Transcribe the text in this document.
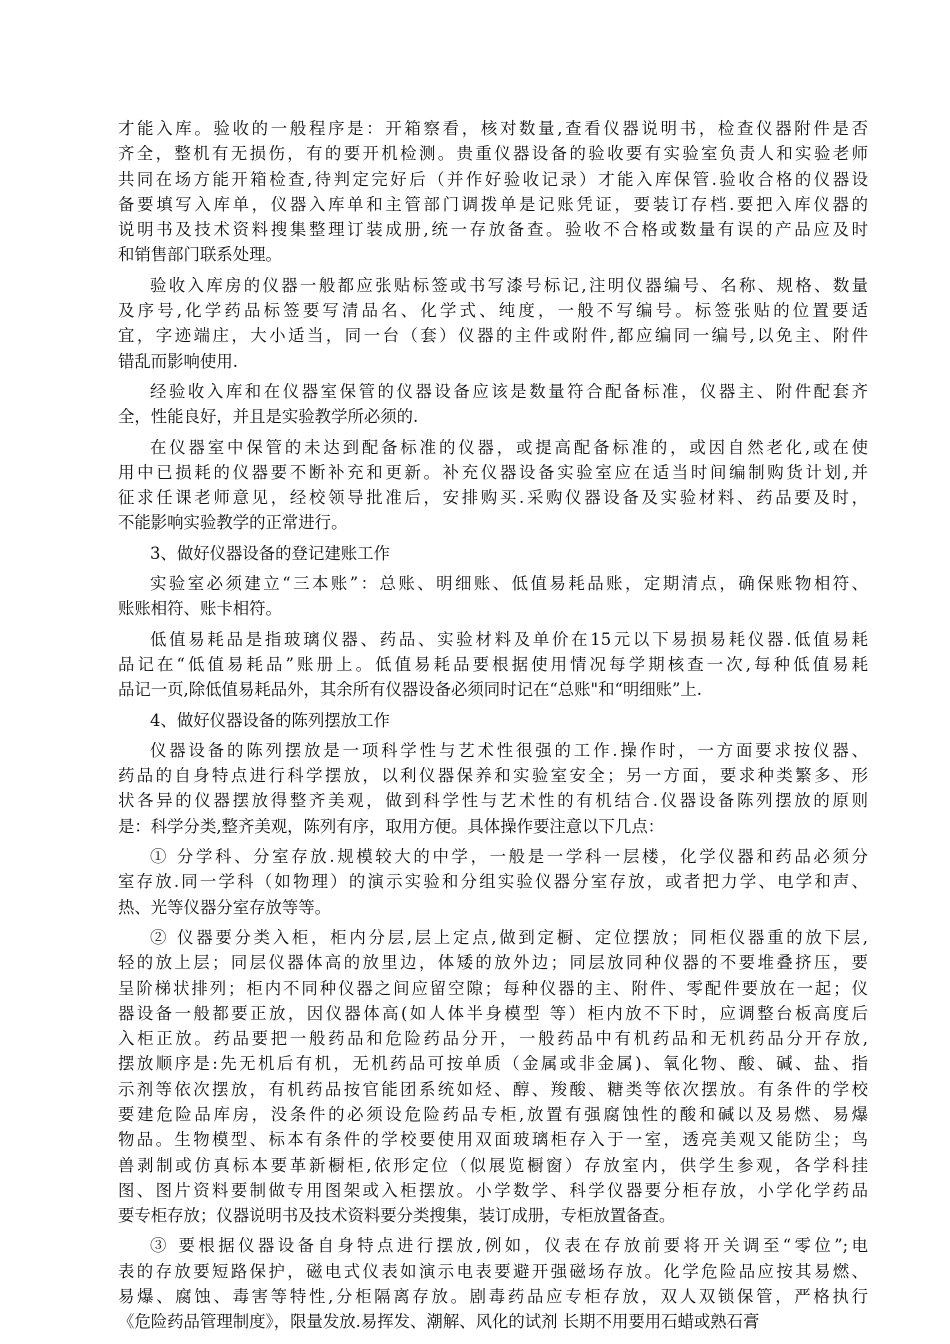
才能入库。验收的一般程序是：开箱察看，核对数量,查看仪器说明书，检查仪器附件是否
齐全，整机有无损伤，有的要开机检测。贵重仪器设备的验收要有实验室负责人和实验老师
共同在场方能开箱检查,待判定完好后（并作好验收记录）才能入库保管.验收合格的仪器设
备要填写入库单，仪器入库单和主管部门调拨单是记账凭证，要装订存档.要把入库仪器的
说明书及技术资料搜集整理订装成册,统一存放备查。验收不合格或数量有误的产品应及时
和销售部门联系处理。
验收入库房的仪器一般都应张贴标签或书写漆号标记,注明仪器编号、名称、规格、数量
及序号,化学药品标签要写清品名、化学式、纯度，一般不写编号。标签张贴的位置要适
宜，字迹端庄，大小适当，同一台（套）仪器的主件或附件,都应编同一编号,以免主、附件
错乱而影响使用.
经验收入库和在仪器室保管的仪器设备应该是数量符合配备标准，仪器主、附件配套齐
全，性能良好，并且是实验教学所必须的.
在仪器室中保管的未达到配备标准的仪器，或提高配备标准的，或因自然老化,或在使
用中已损耗的仪器要不断补充和更新。补充仪器设备实验室应在适当时间编制购货计划,并
征求任课老师意见，经校领导批准后，安排购买.采购仪器设备及实验材料、药品要及时，
不能影响实验教学的正常进行。
3、做好仪器设备的登记建账工作
实验室必须建立“三本账”：总账、明细账、低值易耗品账，定期清点，确保账物相符、
账账相符、账卡相符。
低值易耗品是指玻璃仪器、药品、实验材料及单价在15元以下易损易耗仪器.低值易耗
品记在“低值易耗品”账册上。低值易耗品要根据使用情况每学期核查一次,每种低值易耗
品记一页,除低值易耗品外，其余所有仪器设备必须同时记在“总账"和“明细账”上.
4、做好仪器设备的陈列摆放工作
仪器设备的陈列摆放是一项科学性与艺术性很强的工作.操作时，一方面要求按仪器、
药品的自身特点进行科学摆放，以利仪器保养和实验室安全；另一方面，要求种类繁多、形
状各异的仪器摆放得整齐美观，做到科学性与艺术性的有机结合.仪器设备陈列摆放的原则
是：科学分类,整齐美观，陈列有序，取用方便。具体操作要注意以下几点：
① 分学科、分室存放.规模较大的中学，一般是一学科一层楼，化学仪器和药品必须分
室存放.同一学科（如物理）的演示实验和分组实验仪器分室存放，或者把力学、电学和声、
热、光等仪器分室存放等等。
② 仪器要分类入柜，柜内分层,层上定点,做到定橱、定位摆放；同柜仪器重的放下层,
轻的放上层；同层仪器体高的放里边，体矮的放外边；同层放同种仪器的不要堆叠挤压，要
呈阶梯状排列；柜内不同种仪器之间应留空隙；每种仪器的主、附件、零配件要放在一起；仪
器设备一般都要正放，因仪器体高(如人体半身模型 等）柜内放不下时，应调整台板高度后
入柜正放。药品要把一般药品和危险药品分开，一般药品中有机药品和无机药品分开存放,
摆放顺序是:先无机后有机，无机药品可按单质（金属或非金属)、氧化物、酸、碱、盐、指
示剂等依次摆放，有机药品按官能团系统如烃、醇、羧酸、糖类等依次摆放。有条件的学校
要建危险品库房，没条件的必须设危险药品专柜,放置有强腐蚀性的酸和碱以及易燃、易爆
物品。生物模型、标本有条件的学校要使用双面玻璃柜存入于一室，透亮美观又能防尘；鸟
兽剥制或仿真标本要革新橱柜,依形定位（似展览橱窗）存放室内，供学生参观，各学科挂
图、图片资料要制做专用图架或入柜摆放。小学数学、科学仪器要分柜存放，小学化学药品
要专柜存放；仪器说明书及技术资料要分类搜集，装订成册，专柜放置备查。
③ 要根据仪器设备自身特点进行摆放,例如，仪表在存放前要将开关调至“零位”;电
表的存放要短路保护，磁电式仪表如演示电表要避开强磁场存放。化学危险品应按其易燃、
易爆、腐蚀、毒害等特性,分柜隔离存放。剧毒药品应专柜存放，双人双锁保管，严格执行
《危险药品管理制度》，限量发放.易挥发、潮解、风化的试剂 长期不用要用石蜡或熟石膏
